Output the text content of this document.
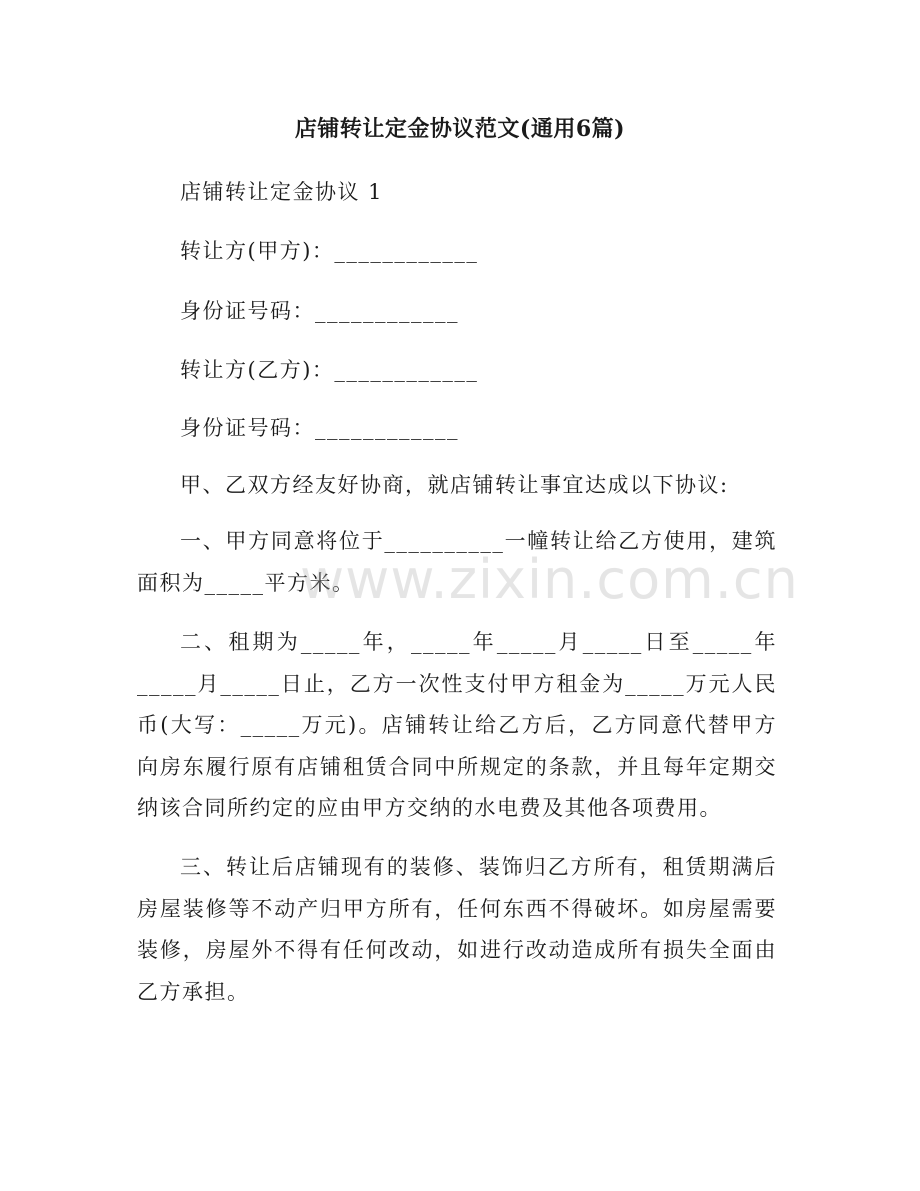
店铺转让定金协议范文(通用6篇)
店铺转让定金协议 1
转让方(甲方)：____________
身份证号码：____________
转让方(乙方)：____________
身份证号码：____________
甲、乙双方经友好协商，就店铺转让事宜达成以下协议:
一、甲方同意将位于__________一幢转让给乙方使用，建筑面积为_____平方米。
二、租期为_____年，_____年_____月_____日至_____年_____月_____日止，乙方一次性支付甲方租金为_____万元人民币(大写：_____万元)。店铺转让给乙方后，乙方同意代替甲方向房东履行原有店铺租赁合同中所规定的条款，并且每年定期交纳该合同所约定的应由甲方交纳的水电费及其他各项费用。
三、转让后店铺现有的装修、装饰归乙方所有，租赁期满后房屋装修等不动产归甲方所有，任何东西不得破坏。如房屋需要装修，房屋外不得有任何改动，如进行改动造成所有损失全面由乙方承担。
www.zixin.com.cn
